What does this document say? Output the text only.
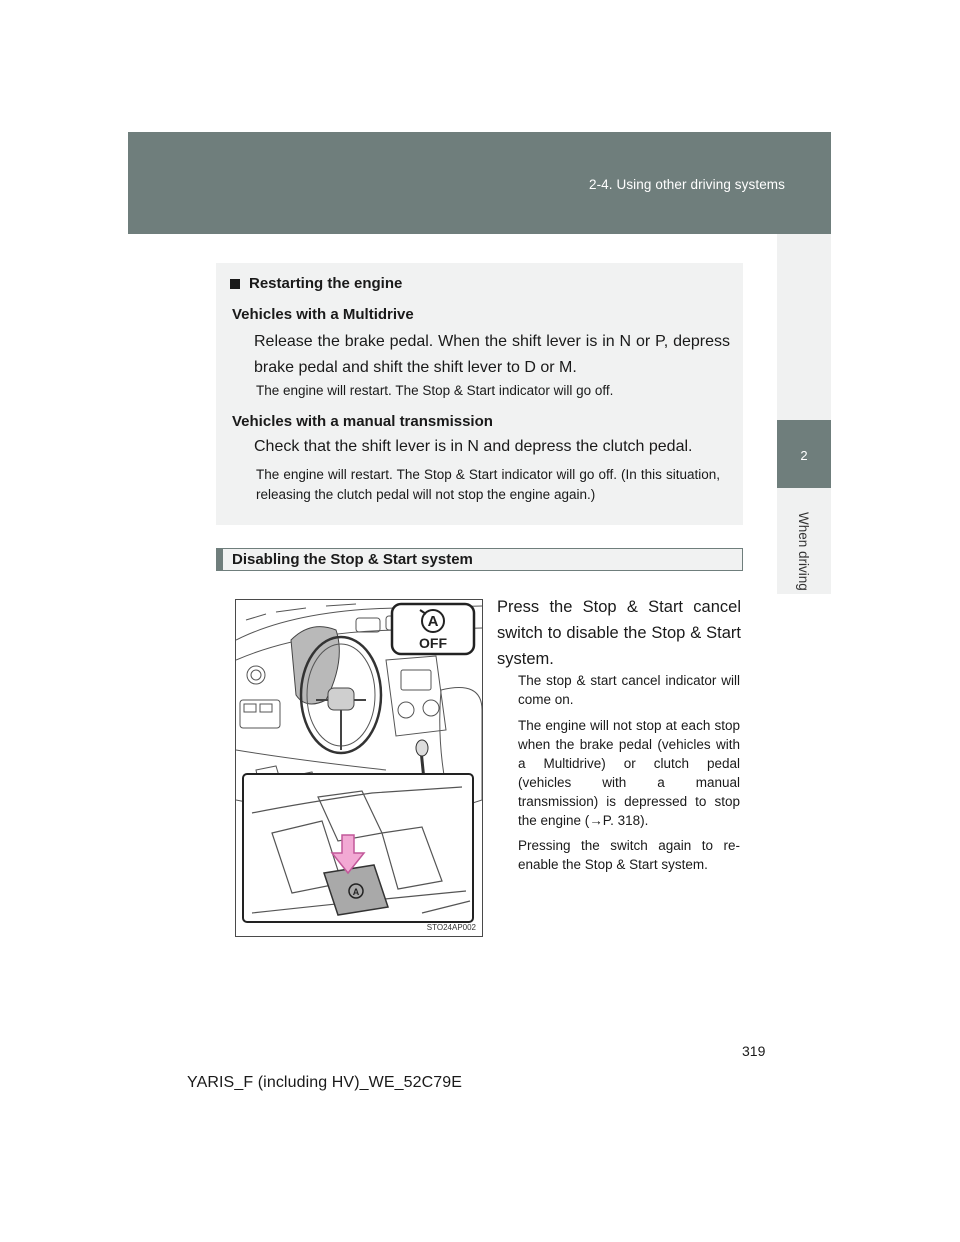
2-4. Using other driving systems
2
When driving
Restarting the engine
Vehicles with a Multidrive
Release the brake pedal. When the shift lever is in N or P, depress brake pedal and shift the shift lever to D or M.
The engine will restart. The Stop & Start indicator will go off.
Vehicles with a manual transmission
Check that the shift lever is in N and depress the clutch pedal.
The engine will restart. The Stop & Start indicator will go off. (In this situation, releasing the clutch pedal will not stop the engine again.)
Disabling the Stop & Start system
A
OFF
A
STO24AP002
Press the Stop & Start cancel switch to disable the Stop & Start system.
The stop & start cancel indicator will come on.
The engine will not stop at each stop when the brake pedal (vehicles with a Multidrive) or clutch pedal (vehicles with a manual transmission) is depressed to stop the engine (→P. 318).
Pressing the switch again to re-enable the Stop & Start system.
319
YARIS_F (including HV)_WE_52C79E
